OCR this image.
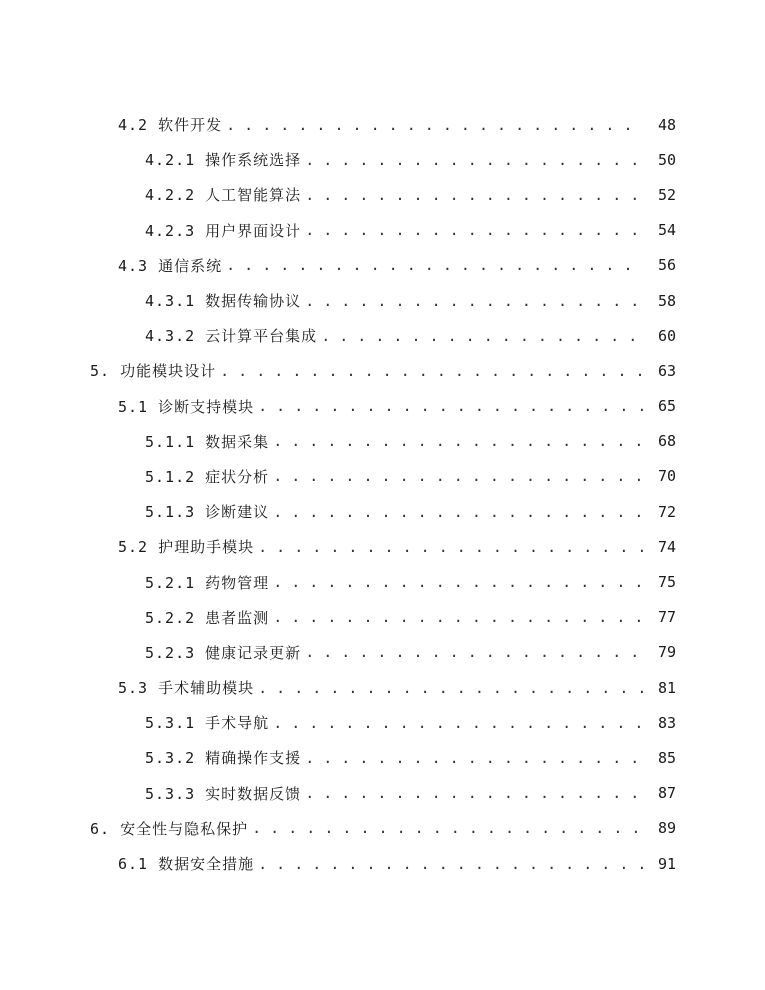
4.2 软件开发 . . .	48
4.2.1 操作系统选择 . . .	50
4.2.2 人工智能算法 . . .	52
4.2.3 用户界面设计 . . .	54
4.3 通信系统 . . .	56
4.3.1 数据传输协议 . . .	58
4.3.2 云计算平台集成 . . .	60
5. 功能模块设计 . . .	63
5.1 诊断支持模块 . . .	65
5.1.1 数据采集 . . .	68
5.1.2 症状分析 . . .	70
5.1.3 诊断建议 . . .	72
5.2 护理助手模块 . . .	74
5.2.1 药物管理 . . .	75
5.2.2 患者监测 . . .	77
5.2.3 健康记录更新 . . .	79
5.3 手术辅助模块 . . .	81
5.3.1 手术导航 . . .	83
5.3.2 精确操作支援 . . .	85
5.3.3 实时数据反馈 . . .	87
6. 安全性与隐私保护 . . .	89
6.1 数据安全措施 . . .	91
